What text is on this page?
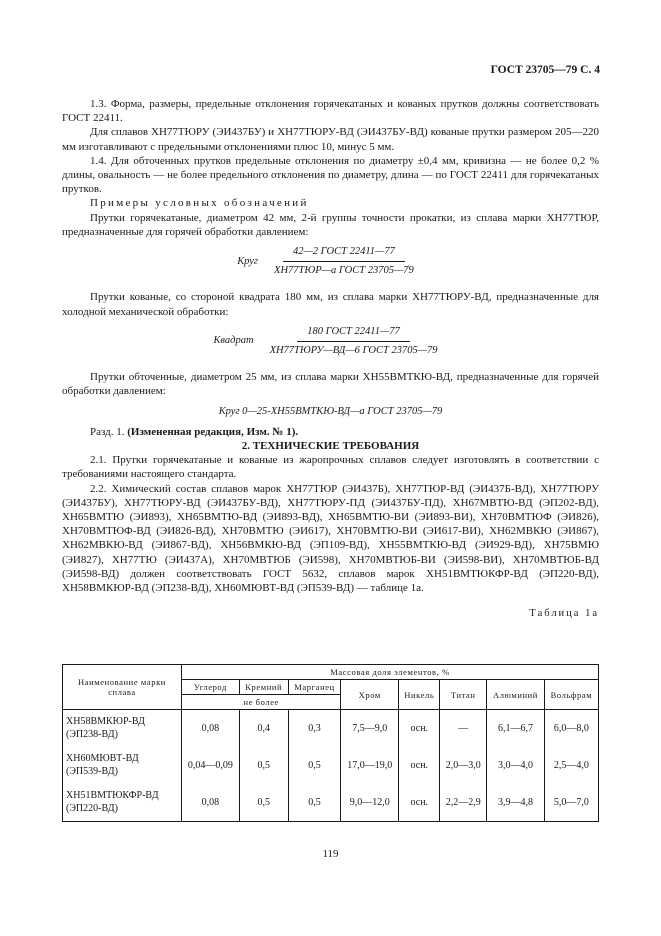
ГОСТ 23705—79 С. 4

1.3. Форма, размеры, предельные отклонения горячекатаных и кованых прутков должны соответствовать ГОСТ 22411.

Для сплавов ХН77ТЮРУ (ЭИ437БУ) и ХН77ТЮРУ-ВД (ЭИ437БУ-ВД) кованые прутки размером 205—220 мм изготавливают с предельными отклонениями плюс 10, минус 5 мм.

1.4. Для обточенных прутков предельные отклонения по диаметру ±0,4 мм, кривизна — не более 0,2 % длины, овальность — не более предельного отклонения по диаметру, длина — по ГОСТ 22411 для горячекатаных прутков.

Примеры условных обозначений

Прутки горячекатаные, диаметром 42 мм, 2-й группы точности прокатки, из сплава марки ХН77ТЮР, предназначенные для горячей обработки давлением:

Круг $\frac{\text{42—2 ГОСТ 22411—77}}{\text{ХН77ТЮР—а ГОСТ 23705—79}}$

Прутки кованые, со стороной квадрата 180 мм, из сплава марки ХН77ТЮРУ-ВД, предназначенные для холодной механической обработки:

Квадрат $\frac{\text{180 ГОСТ 22411—77}}{\text{ХН77ТЮРУ—ВД—6 ГОСТ 23705—79}}$

Прутки обточенные, диаметром 25 мм, из сплава марки ХН55ВМТКЮ-ВД, предназначенные для горячей обработки давлением:

Круг 0—25-ХН55ВМТКЮ-ВД—а ГОСТ 23705—79

Разд. 1. (Измененная редакция, Изм. № 1).

2. ТЕХНИЧЕСКИЕ ТРЕБОВАНИЯ

2.1. Прутки горячекатаные и кованые из жаропрочных сплавов следует изготовлять в соответствии с требованиями настоящего стандарта.

2.2. Химический состав сплавов марок ХН77ТЮР (ЭИ437Б), ХН77ТЮР-ВД (ЭИ437Б-ВД), ХН77ТЮРУ (ЭИ437БУ), ХН77ТЮРУ-ВД (ЭИ437БУ-ВД), ХН77ТЮРУ-ПД (ЭИ437БУ-ПД), ХН67МВТЮ-ВД (ЭП202-ВД), ХН65ВМТЮ (ЭИ893), ХН65ВМТЮ-ВД (ЭИ893-ВД), ХН65ВМТЮ-ВИ (ЭИ893-ВИ), ХН70ВМТЮФ (ЭИ826), ХН70ВМТЮФ-ВД (ЭИ826-ВД), ХН70ВМТЮ (ЭИ617), ХН70ВМТЮ-ВИ (ЭИ617-ВИ), ХН62МВКЮ (ЭИ867), ХН62МВКЮ-ВД (ЭИ867-ВД), ХН56ВМКЮ-ВД (ЭП109-ВД), ХН55ВМТКЮ-ВД (ЭИ929-ВД), ХН75ВМЮ (ЭИ827), ХН77ТЮ (ЭИ437А), ХН70МВТЮБ (ЭИ598), ХН70МВТЮБ-ВИ (ЭИ598-ВИ), ХН70МВТЮБ-ВД (ЭИ598-ВД) должен соответствовать ГОСТ 5632, сплавов марок ХН51ВМТЮКФР-ВД (ЭП220-ВД), ХН58ВМКЮР-ВД (ЭП238-ВД), ХН60МЮВТ-ВД (ЭП539-ВД) — таблице 1а.

Таблица 1а
Наименование марки сплава	Массовая доля элементов, %							
	Углерод	Кремний	Марганец	Хром	Никель	Титан	Алюминий	Вольфрам
	не более							
ХН58ВМКЮР-ВД
(ЭП238-ВД)	0,08	0,4	0,3	7,5—9,0	осн.	—	6,1—6,7	6,0—8,0
ХН60МЮВТ-ВД
(ЭП539-ВД)	0,04—0,09	0,5	0,5	17,0—19,0	осн.	2,0—3,0	3,0—4,0	2,5—4,0
ХН51ВМТЮКФР-ВД
(ЭП220-ВД)	0,08	0,5	0,5	9,0—12,0	осн.	2,2—2,9	3,9—4,8	5,0—7,0
119
